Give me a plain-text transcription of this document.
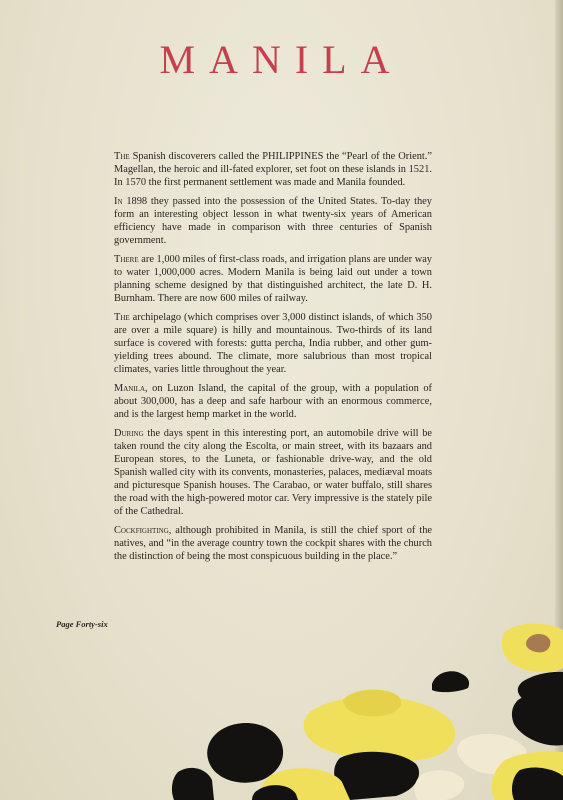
MANILA

The Spanish discoverers called the PHILIPPINES the “Pearl of the Orient.” Magellan, the heroic and ill-fated explorer, set foot on these islands in 1521. In 1570 the first permanent settlement was made and Manila founded.

In 1898 they passed into the possession of the United States. To-day they form an interesting object lesson in what twenty-six years of American efficiency have made in comparison with three centuries of Spanish government.

There are 1,000 miles of first-class roads, and irrigation plans are under way to water 1,000,000 acres. Modern Manila is being laid out under a town planning scheme designed by that distinguished architect, the late D. H. Burnham. There are now 600 miles of railway.

The archipelago (which comprises over 3,000 distinct islands, of which 350 are over a mile square) is hilly and mountainous. Two-thirds of its land surface is covered with forests: gutta percha, India rubber, and other gum-yielding trees abound. The climate, more salubrious than most tropical climates, varies little throughout the year.

Manila, on Luzon Island, the capital of the group, with a population of about 300,000, has a deep and safe harbour with an enormous commerce, and is the largest hemp market in the world.

During the days spent in this interesting port, an automobile drive will be taken round the city along the Escolta, or main street, with its bazaars and European stores, to the Luneta, or fashionable drive-way, and the old Spanish walled city with its convents, monasteries, palaces, mediæval moats and picturesque Spanish houses. The Carabao, or water buffalo, still shares the road with the high-powered motor car. Very impressive is the stately pile of the Cathedral.

Cockfighting, although prohibited in Manila, is still the chief sport of the natives, and “in the average country town the cockpit shares with the church the distinction of being the most conspicuous building in the place.”

Page Forty-six
